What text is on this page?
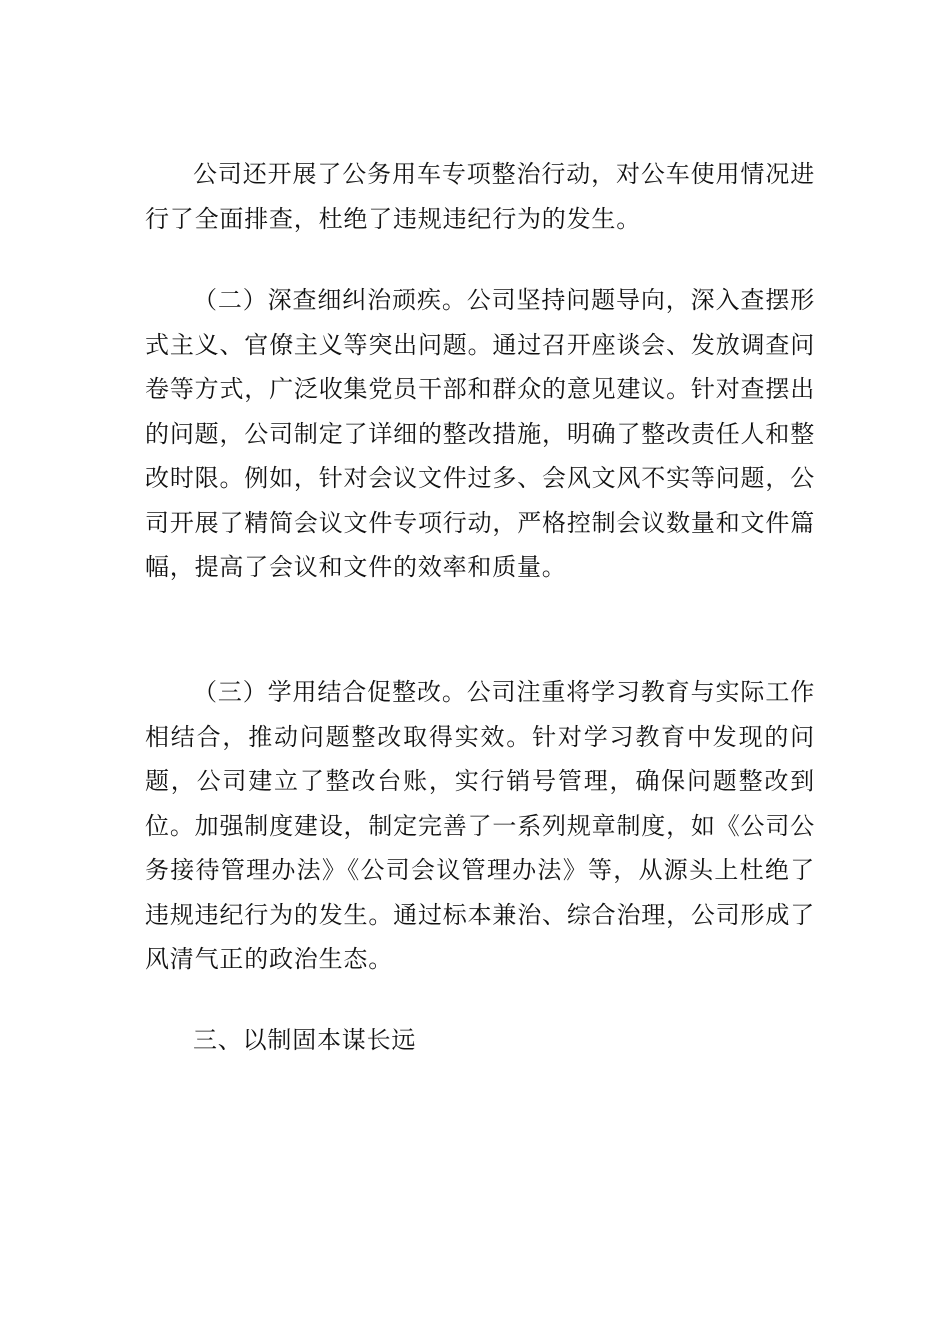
公司还开展了公务用车专项整治行动，对公车使用情况进行了全面排查，杜绝了违规违纪行为的发生。

（二）深查细纠治顽疾。公司坚持问题导向，深入查摆形式主义、官僚主义等突出问题。通过召开座谈会、发放调查问卷等方式，广泛收集党员干部和群众的意见建议。针对查摆出的问题，公司制定了详细的整改措施，明确了整改责任人和整改时限。例如，针对会议文件过多、会风文风不实等问题，公司开展了精简会议文件专项行动，严格控制会议数量和文件篇幅，提高了会议和文件的效率和质量。

（三）学用结合促整改。公司注重将学习教育与实际工作相结合，推动问题整改取得实效。针对学习教育中发现的问题，公司建立了整改台账，实行销号管理，确保问题整改到位。加强制度建设，制定完善了一系列规章制度，如《公司公务接待管理办法》《公司会议管理办法》等，从源头上杜绝了违规违纪行为的发生。通过标本兼治、综合治理，公司形成了风清气正的政治生态。

三、以制固本谋长远
